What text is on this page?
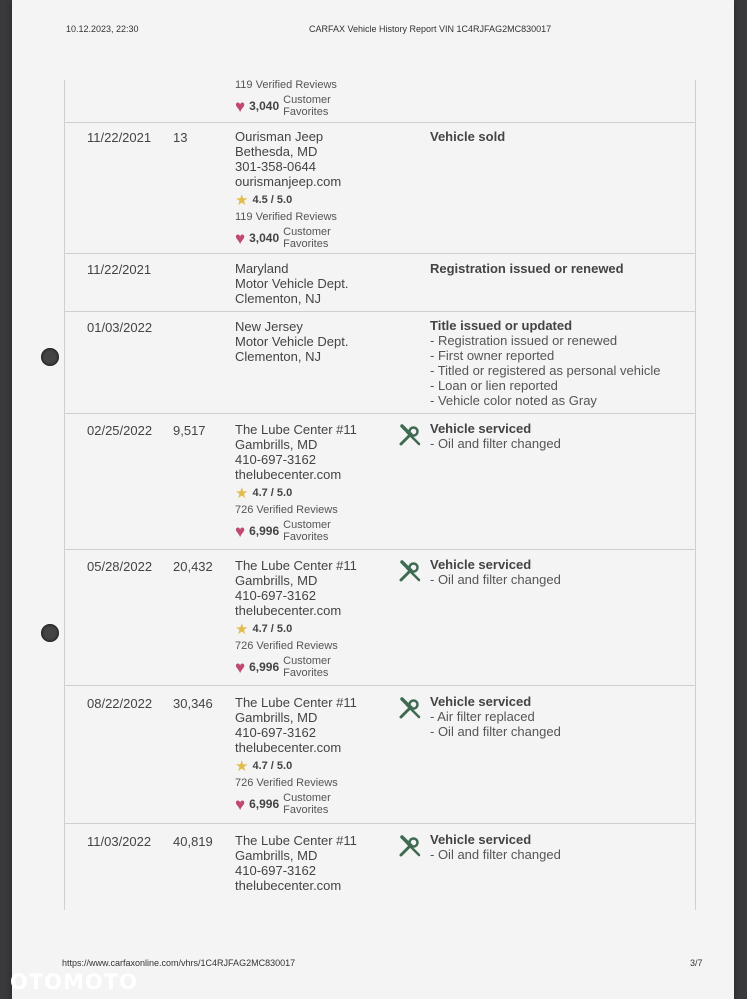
10.12.2023, 22:30	CARFAX Vehicle History Report VIN 1C4RJFAG2MC830017
119 Verified Reviews
♥ 3,040 Customer
Favorites
11/22/2021 13	Ourisman Jeep
Bethesda, MD
301-358-0644
ourismanjeep.com
★ 4.5 / 5.0
119 Verified Reviews
♥ 3,040 Customer
Favorites
Vehicle sold
11/22/2021	Maryland
Motor Vehicle Dept.
Clementon, NJ
Registration issued or renewed
01/03/2022	New Jersey
Motor Vehicle Dept.
Clementon, NJ
Title issued or updated
- Registration issued or renewed
- First owner reported
- Titled or registered as personal vehicle
- Loan or lien reported
- Vehicle color noted as Gray
02/25/2022 9,517 The Lube Center #11
Gambrills, MD
410-697-3162
thelubecenter.com
★ 4.7 / 5.0
726 Verified Reviews
♥ 6,996 Customer
Favorites
Vehicle serviced
- Oil and filter changed
05/28/2022 20,432 The Lube Center #11
Gambrills, MD
410-697-3162
thelubecenter.com
★ 4.7 / 5.0
726 Verified Reviews
♥ 6,996 Customer
Favorites
Vehicle serviced
- Oil and filter changed
08/22/2022 30,346 The Lube Center #11
Gambrills, MD
410-697-3162
thelubecenter.com
★ 4.7 / 5.0
726 Verified Reviews
♥ 6,996 Customer
Favorites
Vehicle serviced
- Air filter replaced
- Oil and filter changed
11/03/2022 40,819 The Lube Center #11
Gambrills, MD
410-697-3162
thelubecenter.com
Vehicle serviced
- Oil and filter changed
https://www.carfaxonline.com/vhrs/1C4RJFAG2MC830017	3/7
OTOMOTO
